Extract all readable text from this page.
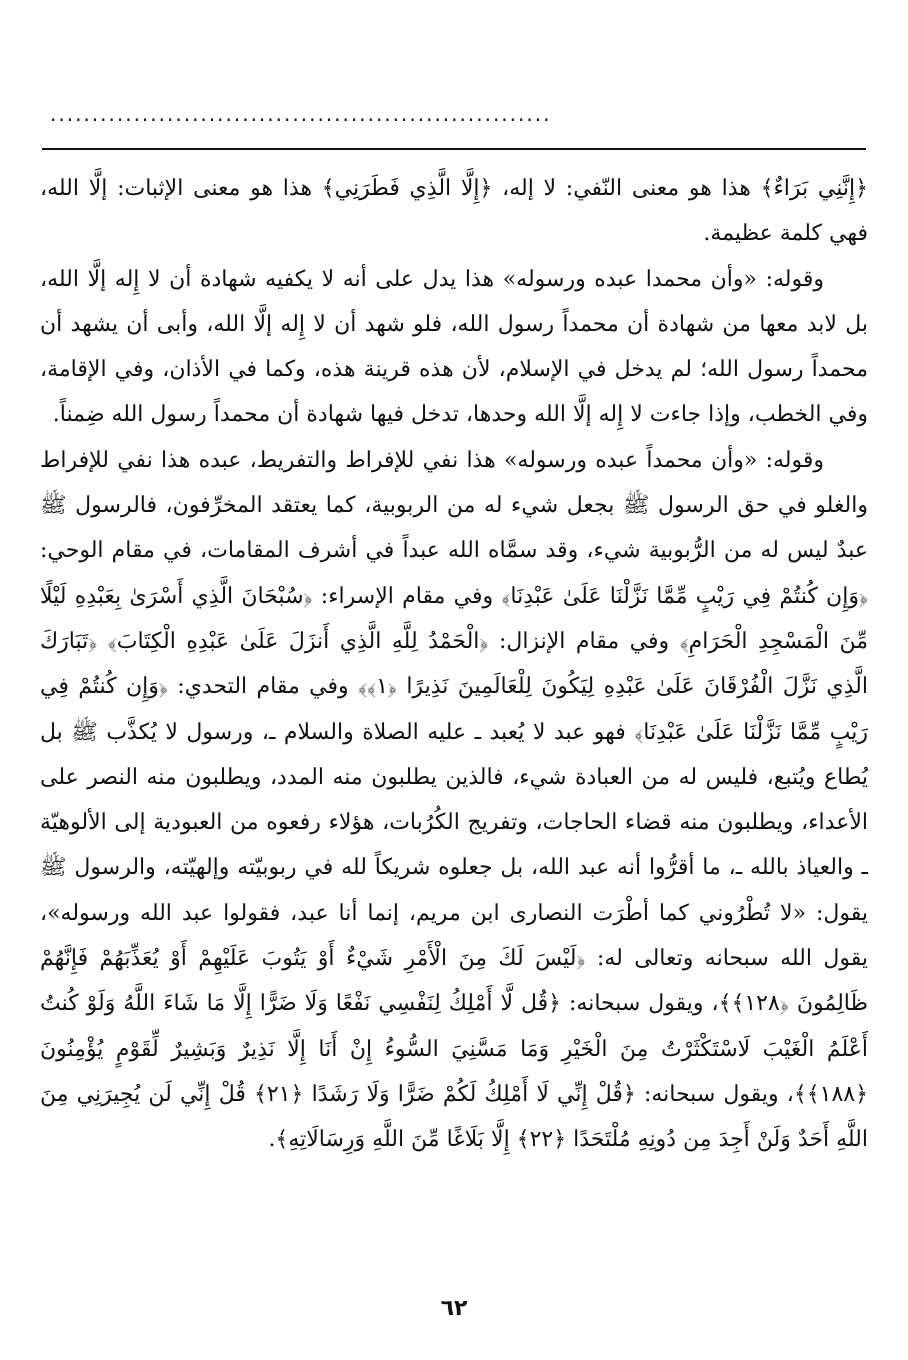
............................................................

﴿إِنَّنِي بَرَاءٌ﴾ هذا هو معنى النّفي: لا إله، ﴿إِلَّا الَّذِي فَطَرَنِي﴾ هذا هو معنى الإثبات: إلَّا الله، فهي كلمة عظيمة.

وقوله: «وأن محمدا عبده ورسوله» هذا يدل على أنه لا يكفيه شهادة أن لا إِله إلَّا الله، بل لابد معها من شهادة أن محمداً رسول الله، فلو شهد أن لا إِله إلَّا الله، وأبى أن يشهد أن محمداً رسول الله؛ لم يدخل في الإسلام، لأن هذه قرينة هذه، وكما في الأذان، وفي الإقامة، وفي الخطب، وإذا جاءت لا إِله إلَّا الله وحدها، تدخل فيها شهادة أن محمداً رسول الله ضِمناً.

وقوله: «وأن محمداً عبده ورسوله» هذا نفي للإفراط والتفريط، عبده هذا نفي للإفراط والغلو في حق الرسول ﷺ بجعل شيء له من الربوبية، كما يعتقد المخرِّفون، فالرسول ﷺ عبدٌ ليس له من الرُّبوبية شيء، وقد سمَّاه الله عبداً في أشرف المقامات، في مقام الوحي: ﴿وَإِن كُنتُمْ فِي رَيْبٍ مِّمَّا نَزَّلْنَا عَلَىٰ عَبْدِنَا﴾ وفي مقام الإسراء: ﴿سُبْحَانَ الَّذِي أَسْرَىٰ بِعَبْدِهِ لَيْلًا مِّنَ الْمَسْجِدِ الْحَرَامِ﴾ وفي مقام الإنزال: ﴿الْحَمْدُ لِلَّهِ الَّذِي أَنزَلَ عَلَىٰ عَبْدِهِ الْكِتَابَ﴾ ﴿تَبَارَكَ الَّذِي نَزَّلَ الْفُرْقَانَ عَلَىٰ عَبْدِهِ لِيَكُونَ لِلْعَالَمِينَ نَذِيرًا ﴿١﴾﴾ وفي مقام التحدي: ﴿وَإِن كُنتُمْ فِي رَيْبٍ مِّمَّا نَزَّلْنَا عَلَىٰ عَبْدِنَا﴾ فهو عبد لا يُعبد ـ عليه الصلاة والسلام ـ، ورسول لا يُكذَّب ﷺ بل يُطاع ويُتبع، فليس له من العبادة شيء، فالذين يطلبون منه المدد، ويطلبون منه النصر على الأعداء، ويطلبون منه قضاء الحاجات، وتفريج الكُرُبات، هؤلاء رفعوه من العبودية إلى الألوهيّة ـ والعياذ بالله ـ، ما أقرُّوا أنه عبد الله، بل جعلوه شريكاً لله في ربوبيّته وإلهيّته، والرسول ﷺ يقول: «لا تُطْرُوني كما أطْرَت النصارى ابن مريم، إنما أنا عبد، فقولوا عبد الله ورسوله»، يقول الله سبحانه وتعالى له: ﴿لَيْسَ لَكَ مِنَ الْأَمْرِ شَيْءٌ أَوْ يَتُوبَ عَلَيْهِمْ أَوْ يُعَذِّبَهُمْ فَإِنَّهُمْ ظَالِمُونَ ﴿١٢٨﴾﴾، ويقول سبحانه: ﴿قُل لَّا أَمْلِكُ لِنَفْسِي نَفْعًا وَلَا ضَرًّا إِلَّا مَا شَاءَ اللَّهُ وَلَوْ كُنتُ أَعْلَمُ الْغَيْبَ لَاسْتَكْثَرْتُ مِنَ الْخَيْرِ وَمَا مَسَّنِيَ السُّوءُ إِنْ أَنَا إِلَّا نَذِيرٌ وَبَشِيرٌ لِّقَوْمٍ يُؤْمِنُونَ ﴿١٨٨﴾﴾، ويقول سبحانه: ﴿قُلْ إِنِّي لَا أَمْلِكُ لَكُمْ ضَرًّا وَلَا رَشَدًا ﴿٢١﴾ قُلْ إِنِّي لَن يُجِيرَنِي مِنَ اللَّهِ أَحَدٌ وَلَنْ أَجِدَ مِن دُونِهِ مُلْتَحَدًا ﴿٢٢﴾ إِلَّا بَلَاغًا مِّنَ اللَّهِ وَرِسَالَاتِهِ﴾.

٦٢
